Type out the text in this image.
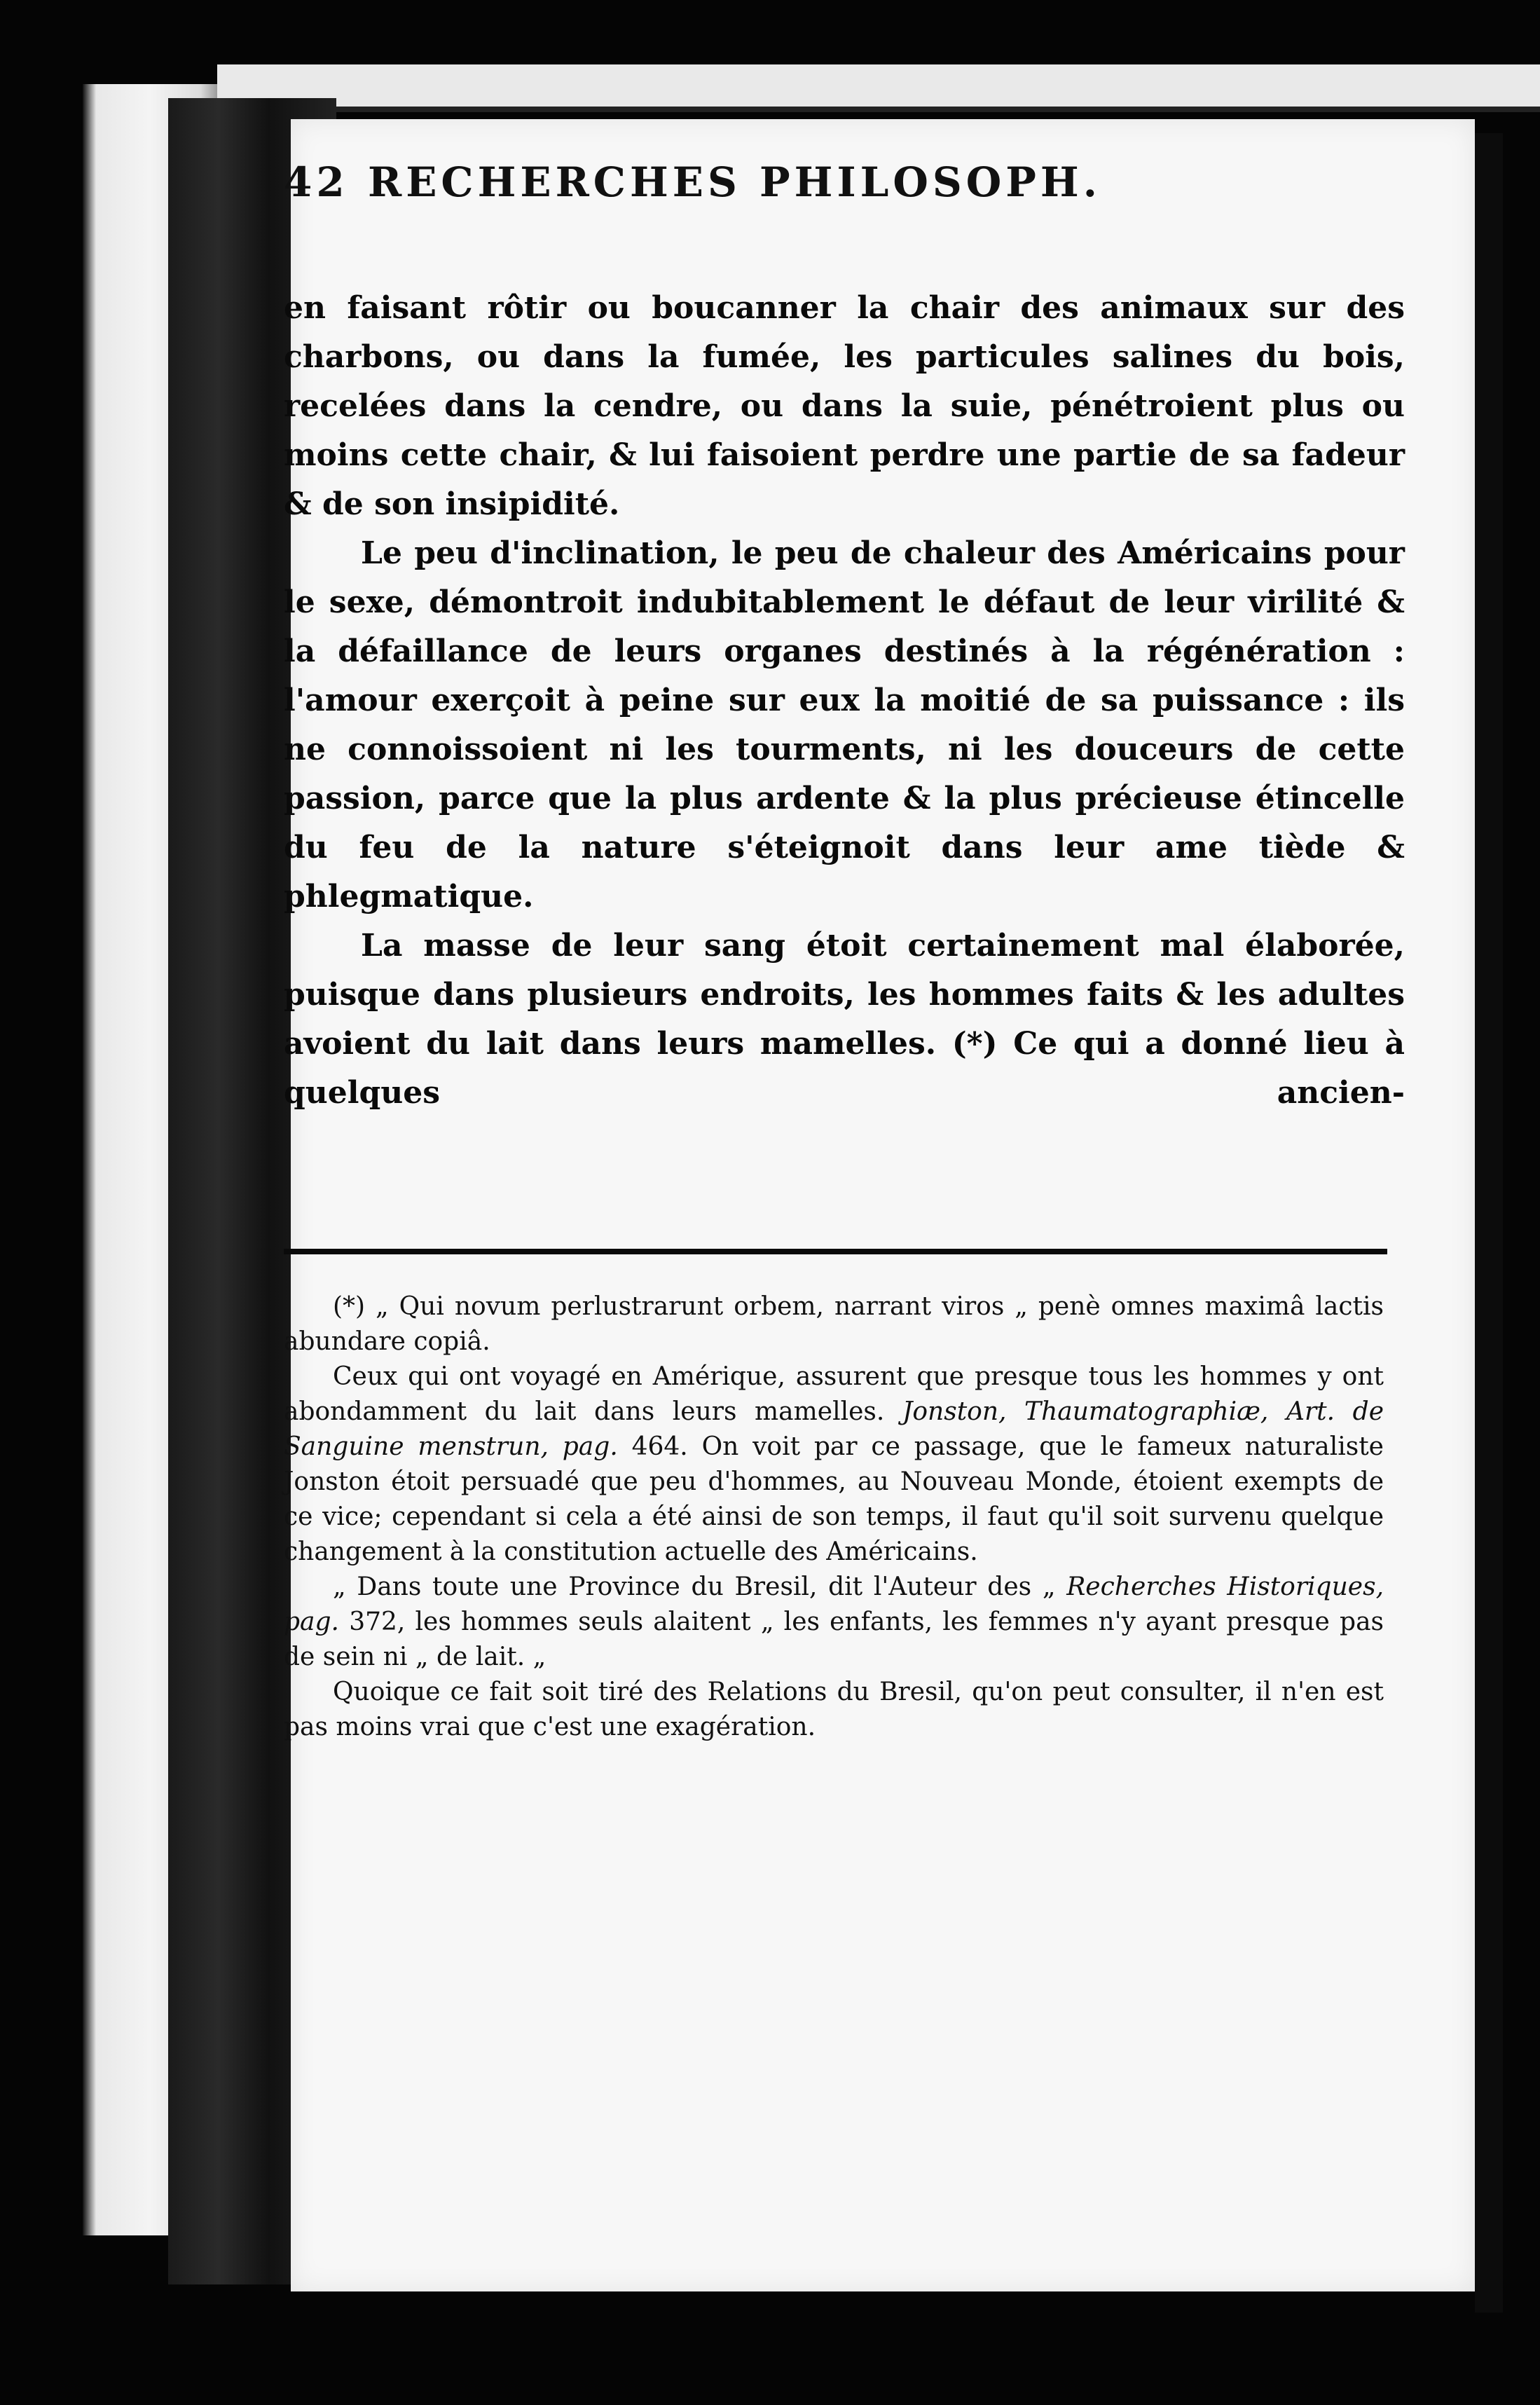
42 RECHERCHES PHILOSOPH.

en faisant rôtir ou boucanner la chair des animaux sur des charbons, ou dans la fumée, les particules salines du bois, recelées dans la cendre, ou dans la suie, pénétroient plus ou moins cette chair, & lui faisoient perdre une partie de sa fadeur & de son insipidité.

Le peu d'inclination, le peu de chaleur des Américains pour le sexe, démontroit indubitablement le défaut de leur virilité & la défaillance de leurs organes destinés à la régénération : l'amour exerçoit à peine sur eux la moitié de sa puissance : ils ne connoissoient ni les tourments, ni les douceurs de cette passion, parce que la plus ardente & la plus précieuse étincelle du feu de la nature s'éteignoit dans leur ame tiède & phlegmatique.

La masse de leur sang étoit certainement mal élaborée, puisque dans plusieurs endroits, les hommes faits & les adultes avoient du lait dans leurs mamelles. (*) Ce qui a donné lieu à quelques ancien-

(*) „ Qui novum perlustrarunt orbem, narrant viros „ penè omnes maximâ lactis abundare copiâ.

Ceux qui ont voyagé en Amérique, assurent que presque tous les hommes y ont abondamment du lait dans leurs mamelles. Jonston, Thaumatographiæ, Art. de Sanguine menstrun, pag. 464. On voit par ce passage, que le fameux naturaliste Jonston étoit persuadé que peu d'hommes, au Nouveau Monde, étoient exempts de ce vice; cependant si cela a été ainsi de son temps, il faut qu'il soit survenu quelque changement à la constitution actuelle des Américains.

„ Dans toute une Province du Bresil, dit l'Auteur des „ Recherches Historiques, pag. 372, les hommes seuls alaitent „ les enfants, les femmes n'y ayant presque pas de sein ni „ de lait. „

Quoique ce fait soit tiré des Relations du Bresil, qu'on peut consulter, il n'en est pas moins vrai que c'est une exagération.
